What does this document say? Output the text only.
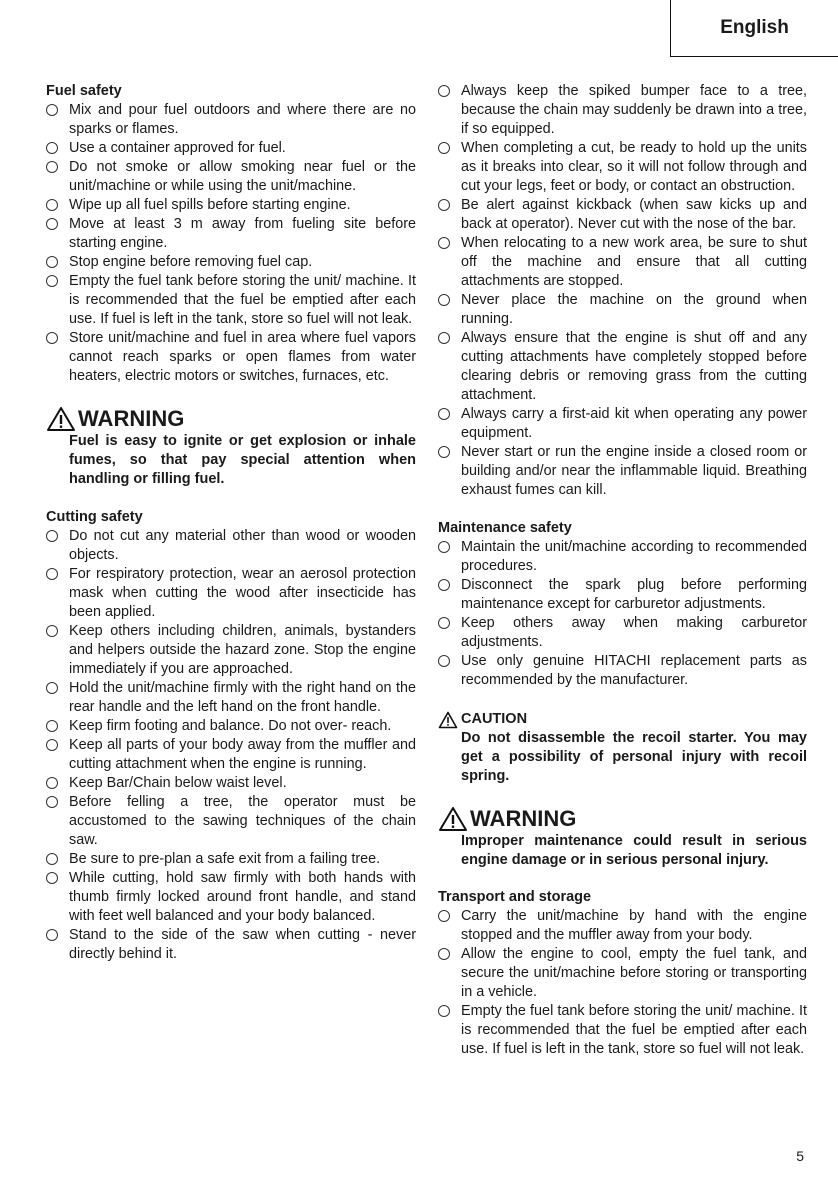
English
Fuel safety
Mix and pour fuel outdoors and where there are no sparks or flames.
Use a container approved for fuel.
Do not smoke or allow smoking near fuel or the unit/machine or while using the unit/machine.
Wipe up all fuel spills before starting engine.
Move at least 3 m away from fueling site before starting engine.
Stop engine before removing fuel cap.
Empty the fuel tank before storing the unit/ machine. It is recommended that the fuel be emptied after each use. If fuel is left in the tank, store so fuel will not leak.
Store unit/machine and fuel in area where fuel vapors cannot reach sparks or open flames from water heaters, electric motors or switches, furnaces, etc.
WARNING
Fuel is easy to ignite or get explosion or inhale fumes, so that pay special attention when handling or filling fuel.
Cutting safety
Do not cut any material other than wood or wooden objects.
For respiratory protection, wear an aerosol protection mask when cutting the wood after insecticide has been applied.
Keep others including children, animals, bystanders and helpers outside the hazard zone. Stop the engine immediately if you are approached.
Hold the unit/machine firmly with the right hand on the rear handle and the left hand on the front handle.
Keep firm footing and balance. Do not over- reach.
Keep all parts of your body away from the muffler and cutting attachment when the engine is running.
Keep Bar/Chain below waist level.
Before felling a tree, the operator must be accustomed to the sawing techniques of the chain saw.
Be sure to pre-plan a safe exit from a failing tree.
While cutting, hold saw firmly with both hands with thumb firmly locked around front handle, and stand with feet well balanced and your body balanced.
Stand to the side of the saw when cutting - never directly behind it.
Always keep the spiked bumper face to a tree, because the chain may suddenly be drawn into a tree, if so equipped.
When completing a cut, be ready to hold up the units as it breaks into clear, so it will not follow through and cut your legs, feet or body, or contact an obstruction.
Be alert against kickback (when saw kicks up and back at operator). Never cut with the nose of the bar.
When relocating to a new work area, be sure to shut off the machine and ensure that all cutting attachments are stopped.
Never place the machine on the ground when running.
Always ensure that the engine is shut off and any cutting attachments have completely stopped before clearing debris or removing grass from the cutting attachment.
Always carry a first-aid kit when operating any power equipment.
Never start or run the engine inside a closed room or building and/or near the inflammable liquid. Breathing exhaust fumes can kill.
Maintenance safety
Maintain the unit/machine according to recommended procedures.
Disconnect the spark plug before performing maintenance except for carburetor adjustments.
Keep others away when making carburetor adjustments.
Use only genuine HITACHI replacement parts as recommended by the manufacturer.
CAUTION
Do not disassemble the recoil starter. You may get a possibility of personal injury with recoil spring.
WARNING
Improper maintenance could result in serious engine damage or in serious personal injury.
Transport and storage
Carry the unit/machine by hand with the engine stopped and the muffler away from your body.
Allow the engine to cool, empty the fuel tank, and secure the unit/machine before storing or transporting in a vehicle.
Empty the fuel tank before storing the unit/ machine. It is recommended that the fuel be emptied after each use. If fuel is left in the tank, store so fuel will not leak.
5
